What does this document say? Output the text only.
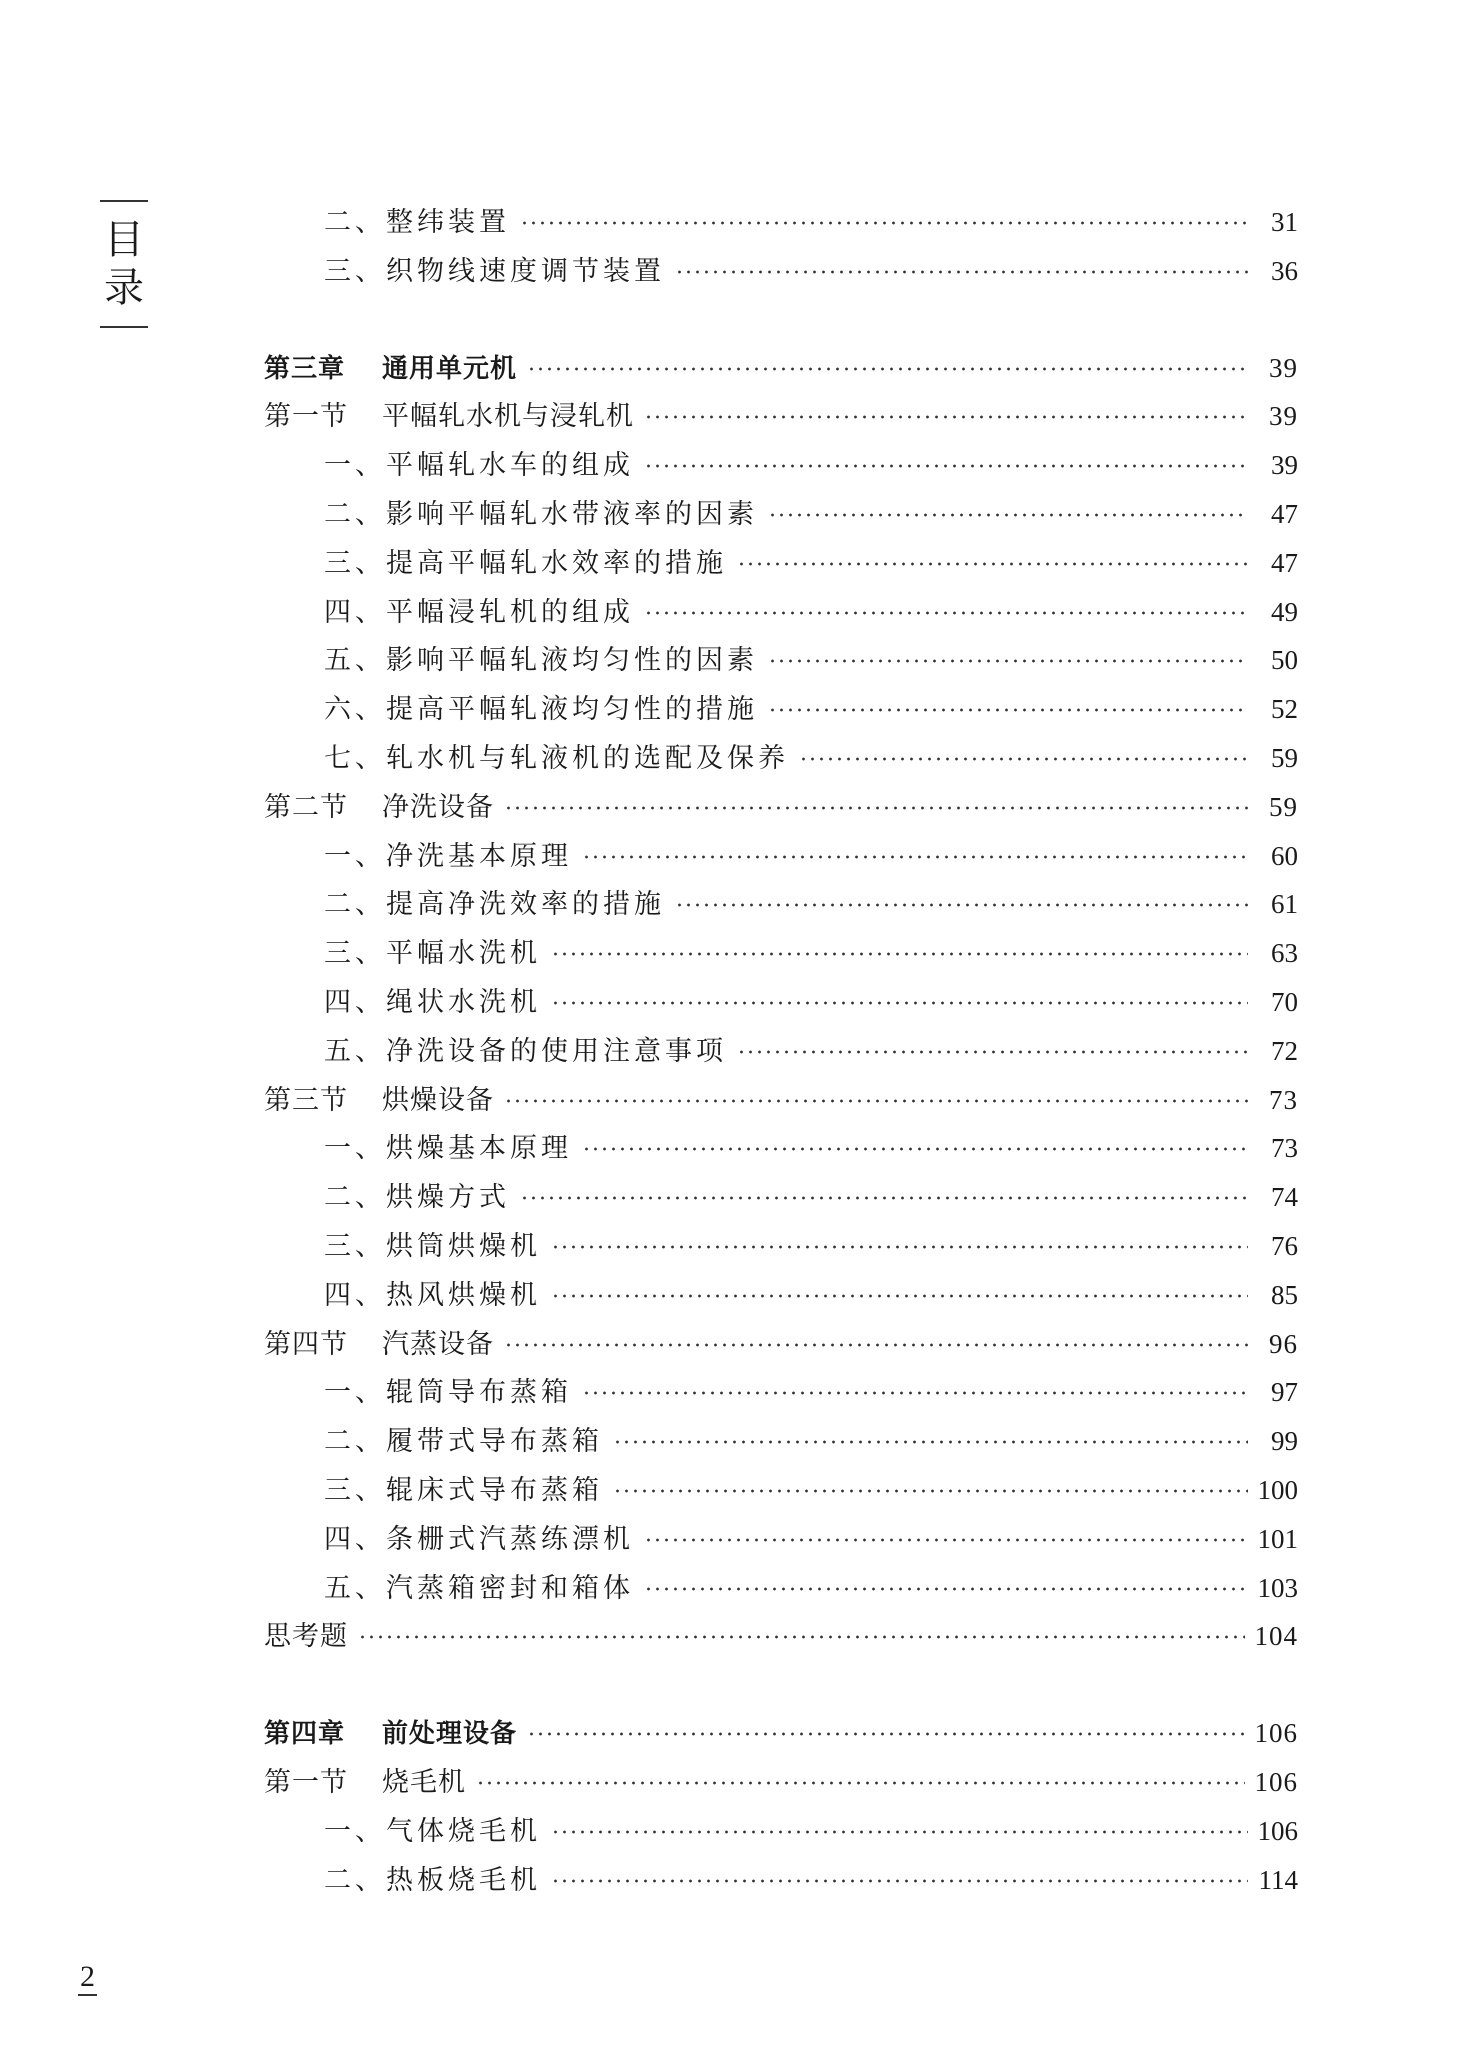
目
录
二、整纬装置	31
三、织物线速度调节装置	36
第三章 通用单元机	39
第一节 平幅轧水机与浸轧机	39
一、平幅轧水车的组成	39
二、影响平幅轧水带液率的因素	47
三、提高平幅轧水效率的措施	47
四、平幅浸轧机的组成	49
五、影响平幅轧液均匀性的因素	50
六、提高平幅轧液均匀性的措施	52
七、轧水机与轧液机的选配及保养	59
第二节 净洗设备	59
一、净洗基本原理	60
二、提高净洗效率的措施	61
三、平幅水洗机	63
四、绳状水洗机	70
五、净洗设备的使用注意事项	72
第三节 烘燥设备	73
一、烘燥基本原理	73
二、烘燥方式	74
三、烘筒烘燥机	76
四、热风烘燥机	85
第四节 汽蒸设备	96
一、辊筒导布蒸箱	97
二、履带式导布蒸箱	99
三、辊床式导布蒸箱	100
四、条栅式汽蒸练漂机	101
五、汽蒸箱密封和箱体	103
思考题	104
第四章 前处理设备	106
第一节 烧毛机	106
一、气体烧毛机	106
二、热板烧毛机	114
2
